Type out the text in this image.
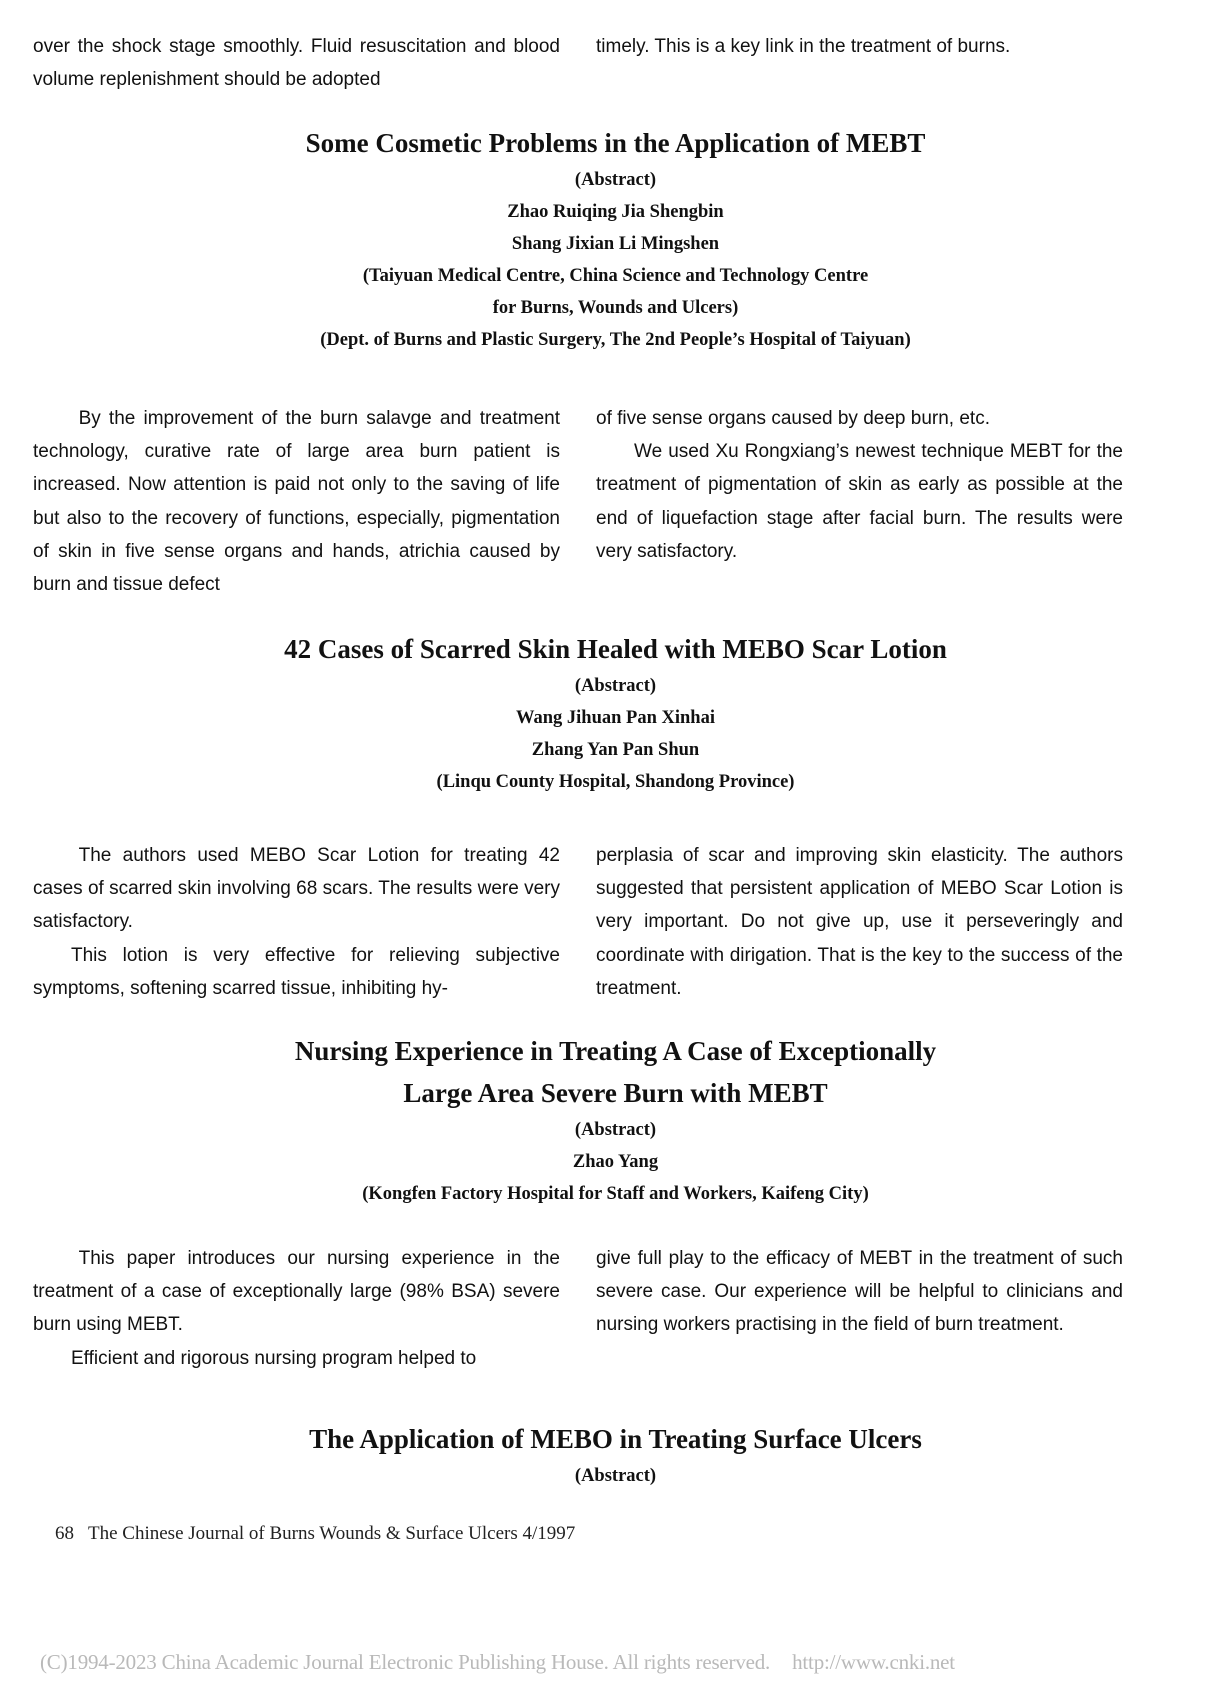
over the shock stage smoothly. Fluid resuscitation and blood volume replenishment should be adopted

timely. This is a key link in the treatment of burns.

Some Cosmetic Problems in the Application of MEBT
(Abstract)
Zhao Ruiqing Jia Shengbin
Shang Jixian Li Mingshen
(Taiyuan Medical Centre, China Science and Technology Centre
for Burns, Wounds and Ulcers)
(Dept. of Burns and Plastic Surgery, The 2nd People’s Hospital of Taiyuan)

By the improvement of the burn salavge and treatment technology, curative rate of large area burn patient is increased. Now attention is paid not only to the saving of life but also to the recovery of functions, especially, pigmentation of skin in five sense organs and hands, atrichia caused by burn and tissue defect

of five sense organs caused by deep burn, etc.

We used Xu Rongxiang’s newest technique MEBT for the treatment of pigmentation of skin as early as possible at the end of liquefaction stage after facial burn. The results were very satisfactory.

42 Cases of Scarred Skin Healed with MEBO Scar Lotion
(Abstract)
Wang Jihuan Pan Xinhai
Zhang Yan Pan Shun
(Linqu County Hospital, Shandong Province)

The authors used MEBO Scar Lotion for treating 42 cases of scarred skin involving 68 scars. The results were very satisfactory.

This lotion is very effective for relieving subjective symptoms, softening scarred tissue, inhibiting hy-

perplasia of scar and improving skin elasticity. The authors suggested that persistent application of MEBO Scar Lotion is very important. Do not give up, use it perseveringly and coordinate with dirigation. That is the key to the success of the treatment.

Nursing Experience in Treating A Case of Exceptionally
Large Area Severe Burn with MEBT
(Abstract)
Zhao Yang
(Kongfen Factory Hospital for Staff and Workers, Kaifeng City)

This paper introduces our nursing experience in the treatment of a case of exceptionally large (98% BSA) severe burn using MEBT.

Efficient and rigorous nursing program helped to

give full play to the efficacy of MEBT in the treatment of such severe case. Our experience will be helpful to clinicians and nursing workers practising in the field of burn treatment.

The Application of MEBO in Treating Surface Ulcers
(Abstract)
68 The Chinese Journal of Burns Wounds & Surface Ulcers 4/1997
(C)1994-2023 China Academic Journal Electronic Publishing House. All rights reserved. http://www.cnki.net
